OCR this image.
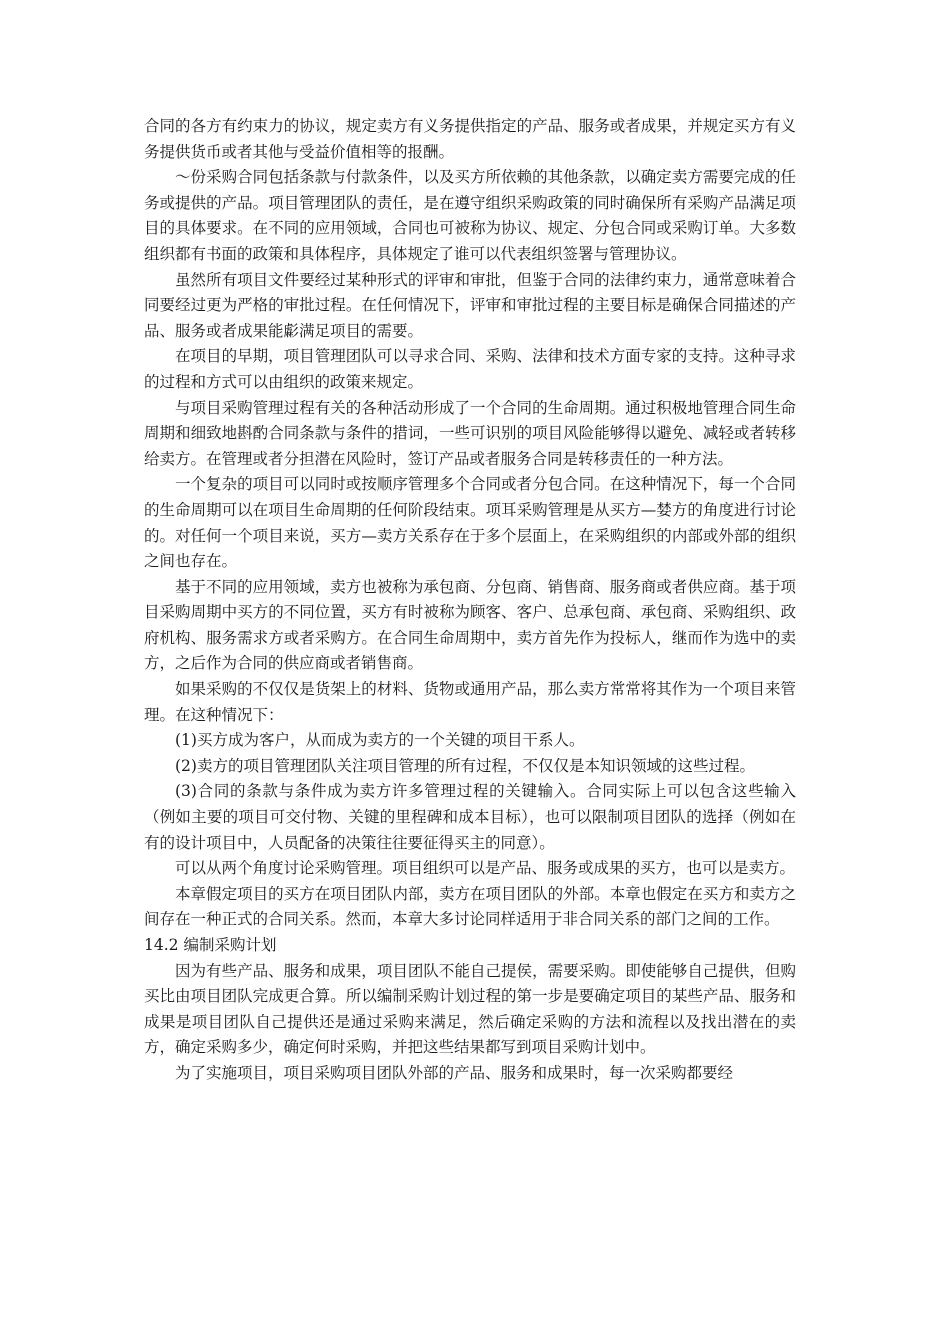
合同的各方有约束力的协议，规定卖方有义务提供指定的产品、服务或者成果，并规定买方有义务提供货币或者其他与受益价值相等的报酬。

～份采购合同包括条款与付款条件，以及买方所依赖的其他条款，以确定卖方需要完成的任务或提供的产品。项目管理团队的责任，是在遵守组织采购政策的同时确保所有采购产品满足项目的具体要求。在不同的应用领域，合同也可被称为协议、规定、分包合同或采购订单。大多数组织都有书面的政策和具体程序，具体规定了谁可以代表组织签署与管理协议。

虽然所有项目文件要经过某种形式的评审和审批，但鉴于合同的法律约束力，通常意味着合同要经过更为严格的审批过程。在任何情况下，评审和审批过程的主要目标是确保合同描述的产品、服务或者成果能虨满足项目的需要。

在项目的早期，项目管理团队可以寻求合同、采购、法律和技术方面专家的支持。这种寻求的过程和方式可以由组织的政策来规定。

与项目采购管理过程有关的各种活动形成了一个合同的生命周期。通过积极地管理合同生命周期和细致地斟酌合同条款与条件的措词，一些可识别的项目风险能够得以避免、减轻或者转移给卖方。在管理或者分担潜在风险时，签订产品或者服务合同是转移责任的一种方法。

一个复杂的项目可以同时或按顺序管理多个合同或者分包合同。在这种情况下，每一个合同的生命周期可以在项目生命周期的任何阶段结束。项耳采购管理是从买方—婪方的角度进行讨论的。对任何一个项目来说，买方—卖方关系存在于多个层面上，在采购组织的内部或外部的组织之间也存在。

基于不同的应用领域，卖方也被称为承包商、分包商、销售商、服务商或者供应商。基于项目采购周期中买方的不同位置，买方有时被称为顾客、客户、总承包商、承包商、采购组织、政府机构、服务需求方或者采购方。在合同生命周期中，卖方首先作为投标人，继而作为选中的卖方，之后作为合同的供应商或者销售商。

如果采购的不仅仅是货架上的材料、货物或通用产品，那么卖方常常将其作为一个项目来管理。在这种情况下：

(1)买方成为客户，从而成为卖方的一个关键的项目干系人。

(2)卖方的项目管理团队关注项目管理的所有过程，不仅仅是本知识领域的这些过程。

(3)合同的条款与条件成为卖方许多管理过程的关键输入。合同实际上可以包含这些输入（例如主要的项目可交付物、关键的里程碑和成本目标），也可以限制项目团队的选择（例如在有的设计项目中，人员配备的决策往往要征得买主的同意）。

可以从两个角度讨论采购管理。项目组织可以是产品、服务或成果的买方，也可以是卖方。

本章假定项目的买方在项目团队内部，卖方在项目团队的外部。本章也假定在买方和卖方之间存在一种正式的合同关系。然而，本章大多讨论同样适用于非合同关系的部门之间的工作。

14.2 编制采购计划

因为有些产品、服务和成果，项目团队不能自己提侯，需要采购。即使能够自己提供，但购买比由项目团队完成更合算。所以编制采购计划过程的第一步是要确定项目的某些产品、服务和成果是项目团队自己提供还是通过采购来满足，然后确定采购的方法和流程以及找出潜在的卖方，确定采购多少，确定何时采购，并把这些结果都写到项目采购计划中。

为了实施项目，项目采购项目团队外部的产品、服务和成果时，每一次采购都要经
